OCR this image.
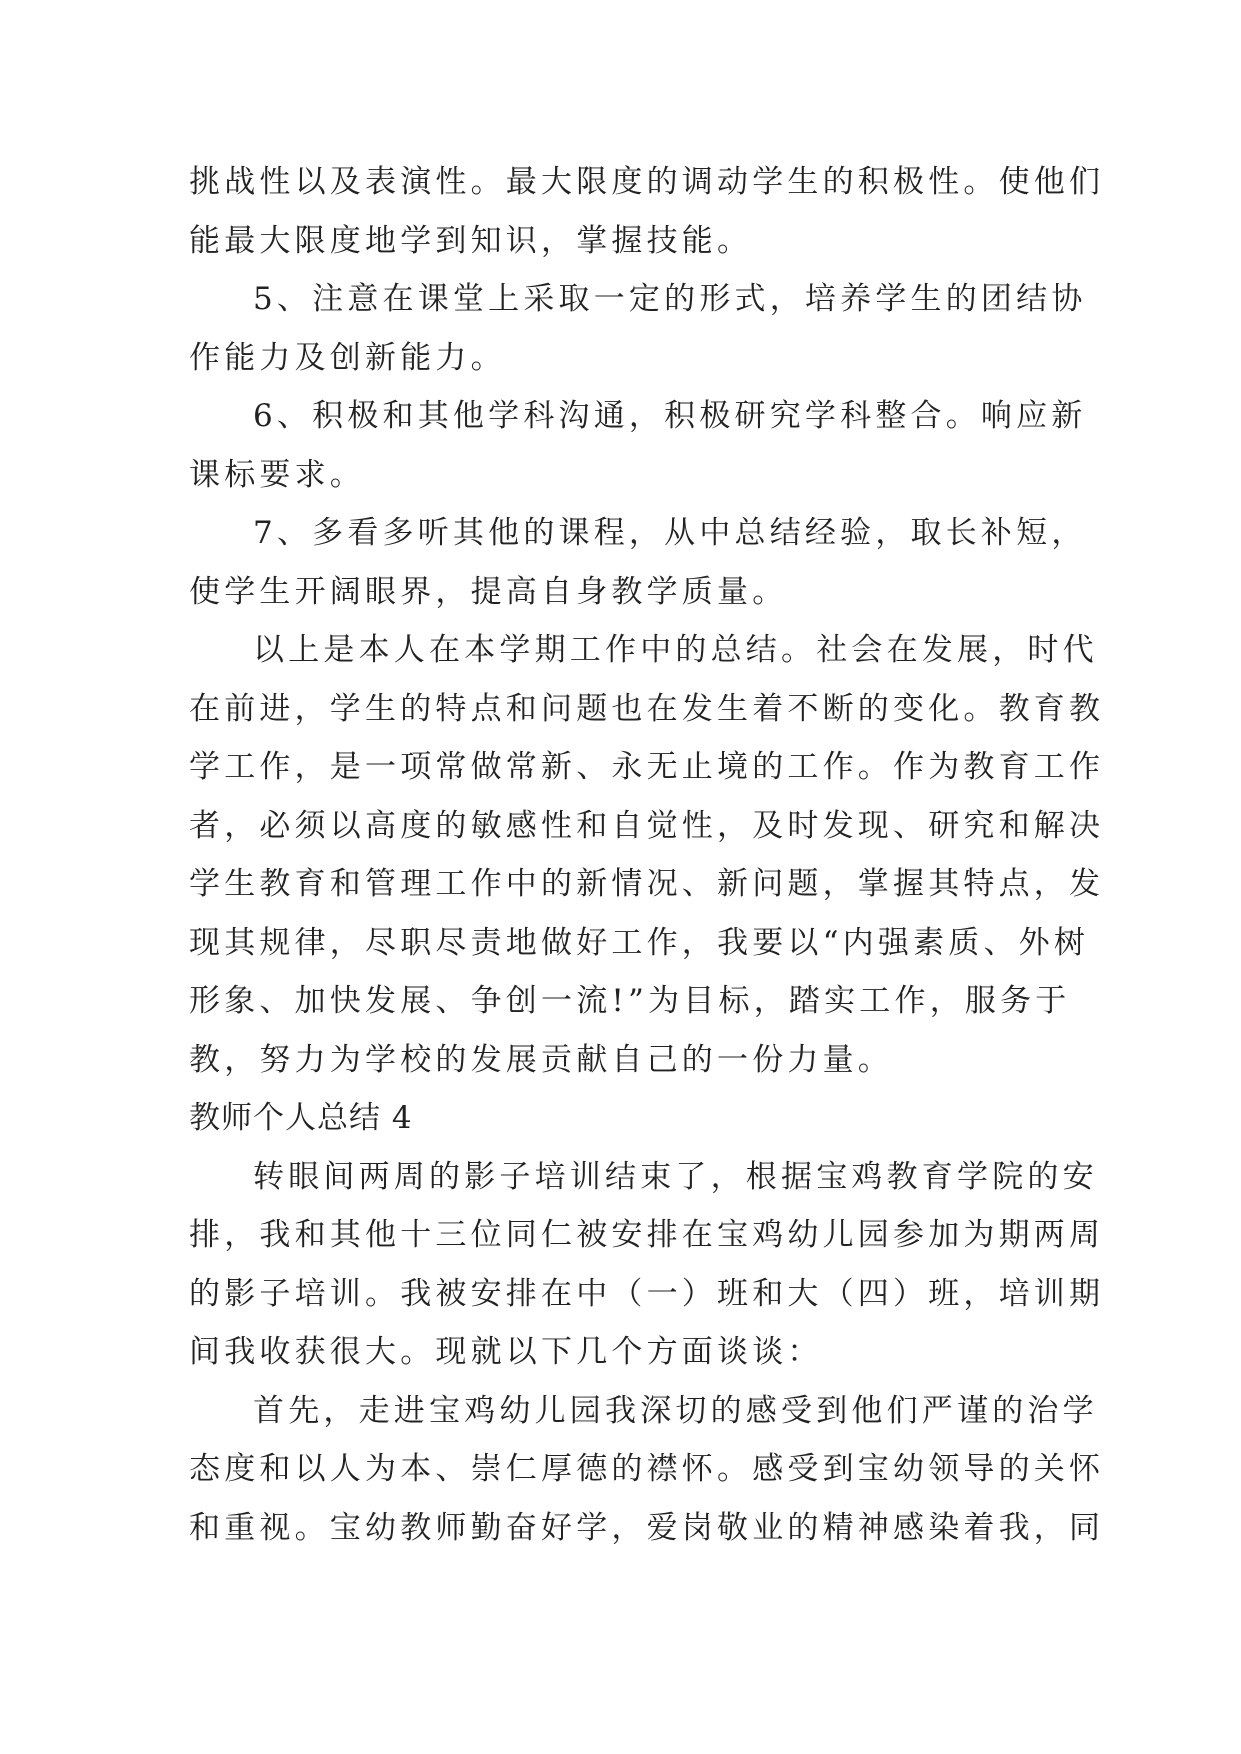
挑战性以及表演性。最大限度的调动学生的积极性。使他们
能最大限度地学到知识，掌握技能。
5、注意在课堂上采取一定的形式，培养学生的团结协
作能力及创新能力。
6、积极和其他学科沟通，积极研究学科整合。响应新
课标要求。
7、多看多听其他的课程，从中总结经验，取长补短，
使学生开阔眼界，提高自身教学质量。
以上是本人在本学期工作中的总结。社会在发展，时代
在前进，学生的特点和问题也在发生着不断的变化。教育教
学工作，是一项常做常新、永无止境的工作。作为教育工作
者，必须以高度的敏感性和自觉性，及时发现、研究和解决
学生教育和管理工作中的新情况、新问题，掌握其特点，发
现其规律，尽职尽责地做好工作，我要以“内强素质、外树
形象、加快发展、争创一流!”为目标，踏实工作，服务于
教，努力为学校的发展贡献自己的一份力量。
教师个人总结 4
转眼间两周的影子培训结束了，根据宝鸡教育学院的安
排，我和其他十三位同仁被安排在宝鸡幼儿园参加为期两周
的影子培训。我被安排在中（一）班和大（四）班，培训期
间我收获很大。现就以下几个方面谈谈：
首先，走进宝鸡幼儿园我深切的感受到他们严谨的治学
态度和以人为本、崇仁厚德的襟怀。感受到宝幼领导的关怀
和重视。宝幼教师勤奋好学，爱岗敬业的精神感染着我，同
